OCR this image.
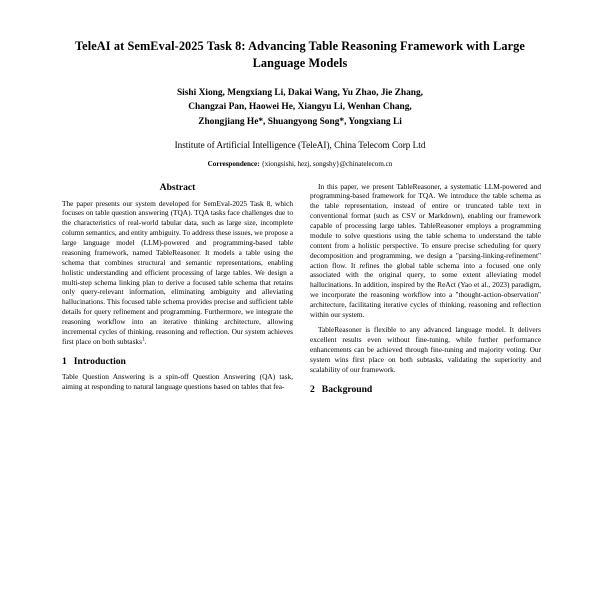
TeleAI at SemEval-2025 Task 8: Advancing Table Reasoning Framework with Large Language Models
Sishi Xiong, Mengxiang Li, Dakai Wang, Yu Zhao, Jie Zhang,
Changzai Pan, Haowei He, Xiangyu Li, Wenhan Chang,
Zhongjiang He*, Shuangyong Song*, Yongxiang Li
Institute of Artificial Intelligence (TeleAI), China Telecom Corp Ltd
Correspondence: {xiongsishi, hezj, songshy}@chinatelecom.cn
Abstract

The paper presents our system developed for SemEval-2025 Task 8, which focuses on table question answering (TQA). TQA tasks face challenges due to the characteristics of real-world tabular data, such as large size, incomplete column semantics, and entity ambiguity. To address these issues, we propose a large language model (LLM)-powered and programming-based table reasoning framework, named TableReasoner. It models a table using the schema that combines structural and semantic representations, enabling holistic understanding and efficient processing of large tables. We design a multi-step schema linking plan to derive a focused table schema that retains only query-relevant information, eliminating ambiguity and alleviating hallucinations. This focused table schema provides precise and sufficient table details for query refinement and programming. Furthermore, we integrate the reasoning workflow into an iterative thinking architecture, allowing incremental cycles of thinking, reasoning and reflection. Our system achieves first place on both subtasks$^1$.

1 Introduction

Table Question Answering is a spin-off Question Answering (QA) task, aiming at responding to natural language questions based on tables that fea-

In this paper, we present TableReasoner, a systematic LLM-powered and programming-based framework for TQA. We introduce the table schema as the table representation, instead of entire or truncated table text in conventional format (such as CSV or Markdown), enabling our framework capable of processing large tables. TableReasoner employs a programming module to solve questions using the table schema to understand the table content from a holistic perspective. To ensure precise scheduling for query decomposition and programming, we design a "parsing-linking-refinement" action flow. It refines the global table schema into a focused one only associated with the original query, to some extent alleviating model hallucinations. In addition, inspired by the ReAct (Yao et al., 2023) paradigm, we incorporate the reasoning workflow into a "thought-action-observation" architecture, facilitating iterative cycles of thinking, reasoning and reflection within our system.

TableReasoner is flexible to any advanced language model. It delivers excellent results even without fine-tuning, while further performance enhancements can be achieved through fine-tuning and majority voting. Our system wins first place on both subtasks, validating the superiority and scalability of our framework.

2 Background
